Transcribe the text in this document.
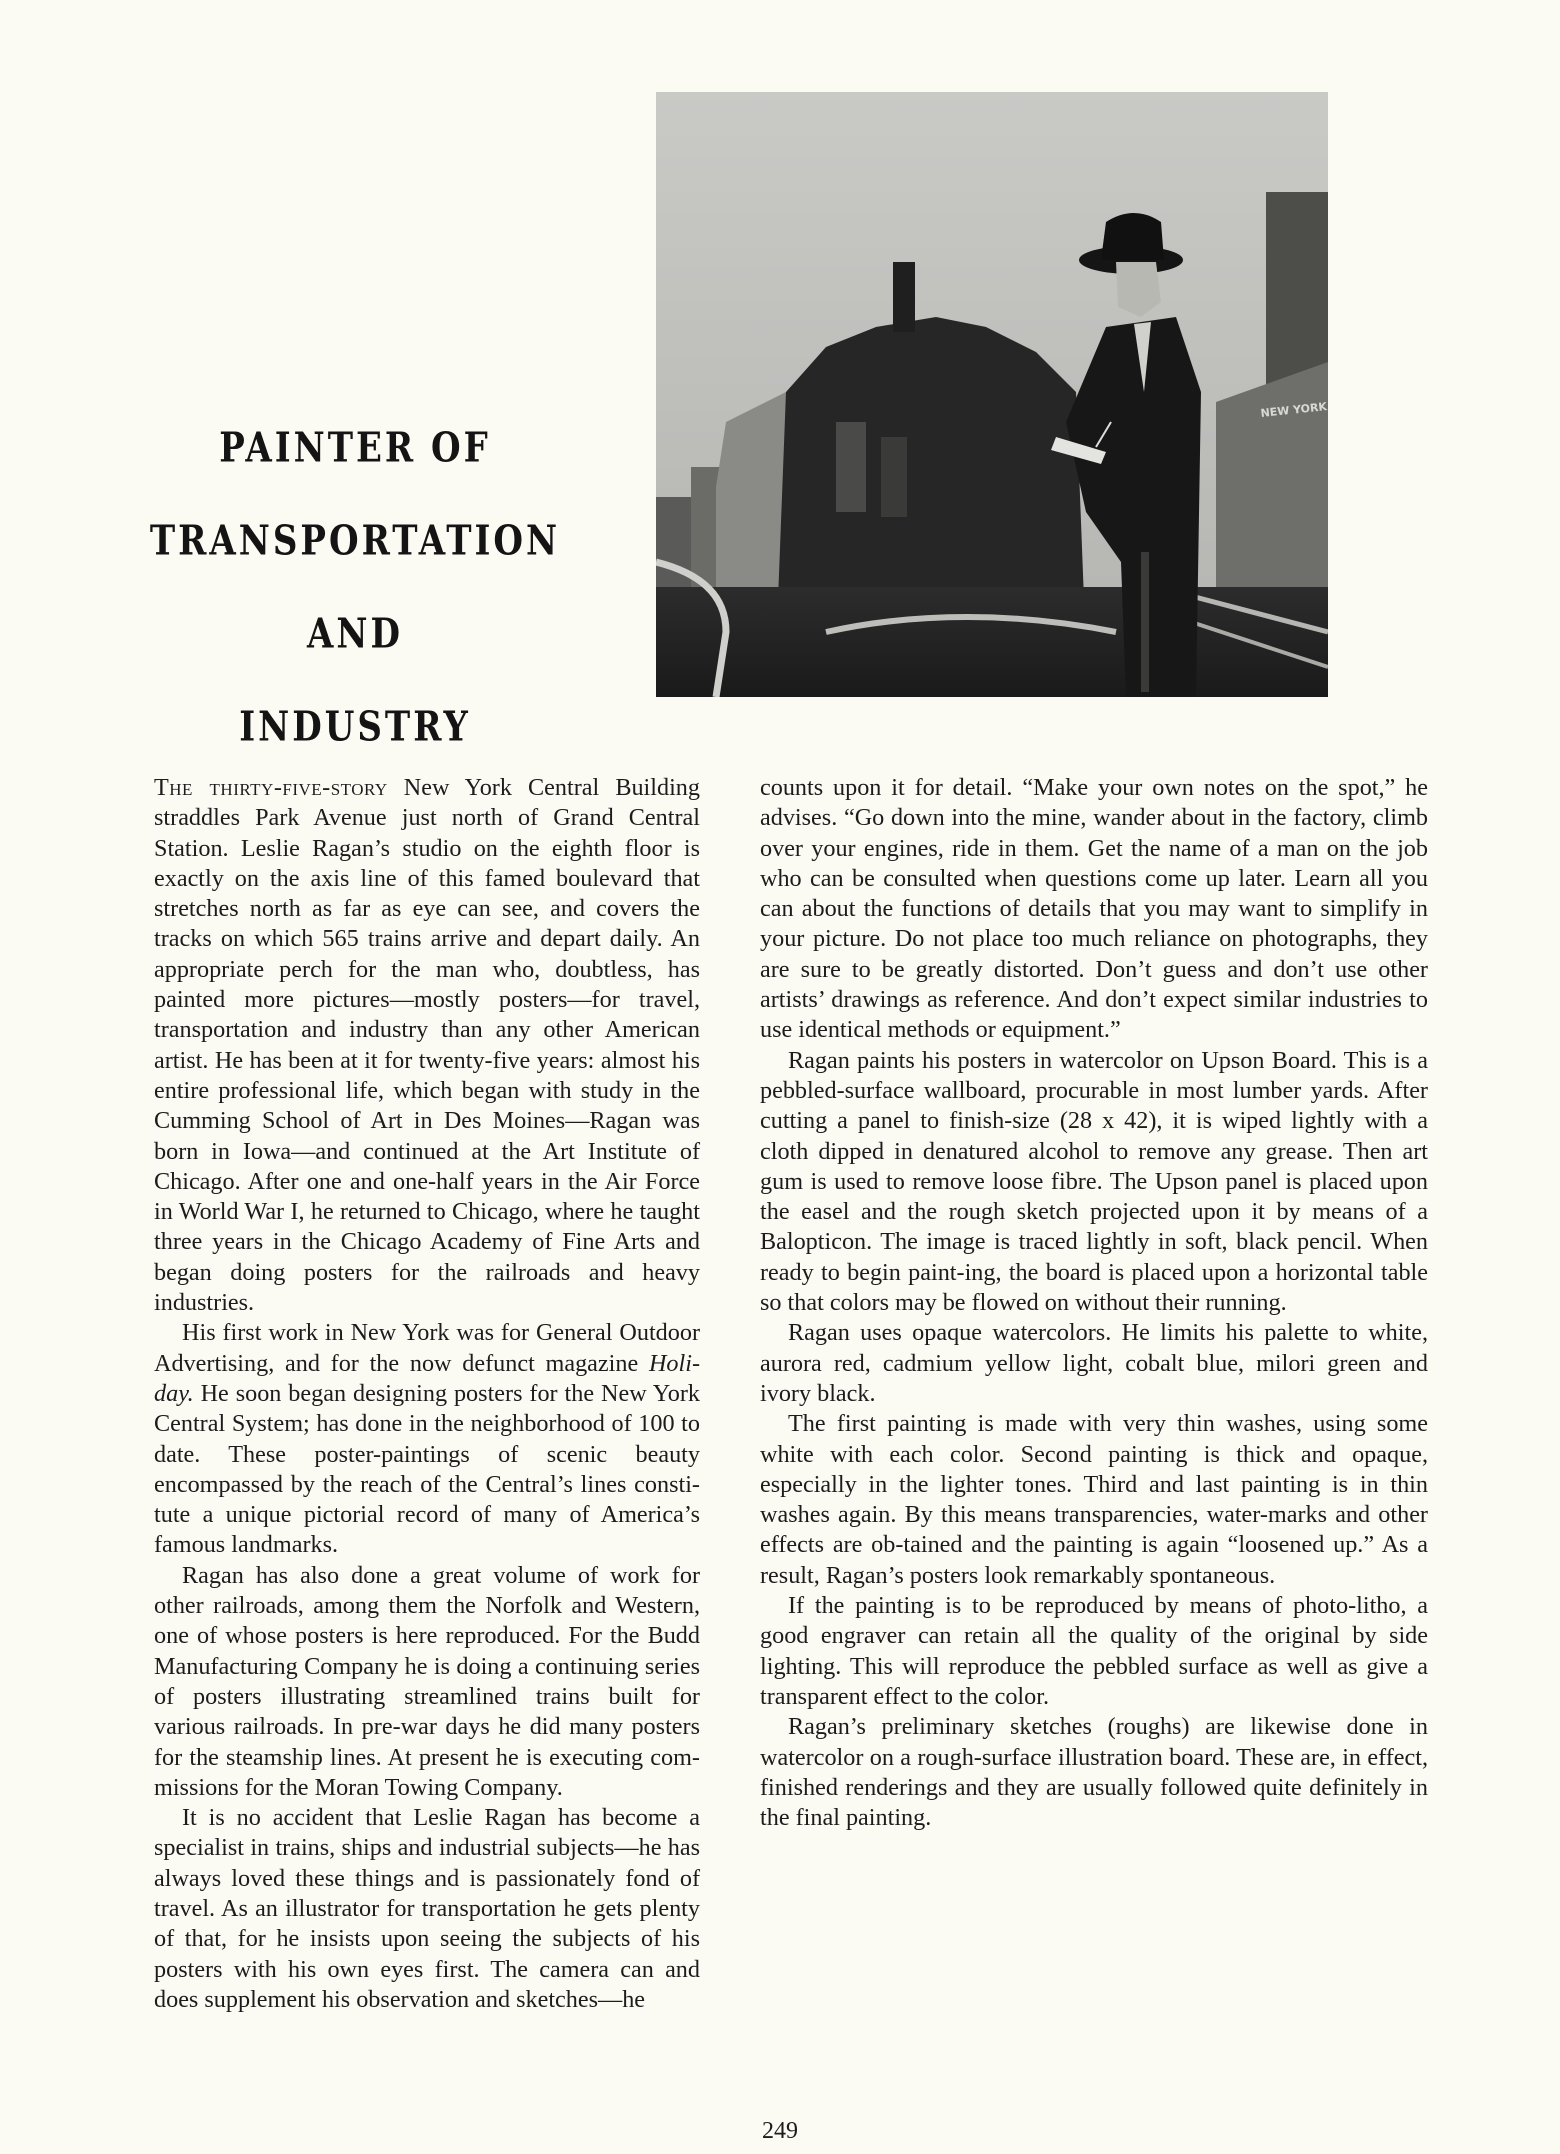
PAINTER OF
TRANSPORTATION
AND
INDUSTRY
NEW YORK

The thirty-five-story New York Central Building straddles Park Avenue just north of Grand Central Station. Leslie Ragan’s studio on the eighth floor is exactly on the axis line of this famed boulevard that stretches north as far as eye can see, and covers the tracks on which 565 trains arrive and depart daily. An appropriate perch for the man who, doubtless, has painted more pictures—mostly posters—for travel, transportation and industry than any other American artist. He has been at it for twenty-five years: almost his entire professional life, which began with study in the Cumming School of Art in Des Moines—Ragan was born in Iowa—and continued at the Art Institute of Chicago. After one and one-half years in the Air Force in World War I, he returned to Chicago, where he taught three years in the Chicago Academy of Fine Arts and began doing posters for the railroads and heavy industries.

His first work in New York was for General Outdoor Advertising, and for the now defunct magazine Holi-day. He soon began designing posters for the New York Central System; has done in the neighborhood of 100 to date. These poster-paintings of scenic beauty encompassed by the reach of the Central’s lines consti-tute a unique pictorial record of many of America’s famous landmarks.

Ragan has also done a great volume of work for other railroads, among them the Norfolk and Western, one of whose posters is here reproduced. For the Budd Manufacturing Company he is doing a continuing series of posters illustrating streamlined trains built for various railroads. In pre-war days he did many posters for the steamship lines. At present he is executing com-missions for the Moran Towing Company.

It is no accident that Leslie Ragan has become a specialist in trains, ships and industrial subjects—he has always loved these things and is passionately fond of travel. As an illustrator for transportation he gets plenty of that, for he insists upon seeing the subjects of his posters with his own eyes first. The camera can and does supplement his observation and sketches—he

counts upon it for detail. “Make your own notes on the spot,” he advises. “Go down into the mine, wander about in the factory, climb over your engines, ride in them. Get the name of a man on the job who can be consulted when questions come up later. Learn all you can about the functions of details that you may want to simplify in your picture. Do not place too much reliance on photographs, they are sure to be greatly distorted. Don’t guess and don’t use other artists’ drawings as reference. And don’t expect similar industries to use identical methods or equipment.”

Ragan paints his posters in watercolor on Upson Board. This is a pebbled-surface wallboard, procurable in most lumber yards. After cutting a panel to finish-size (28 x 42), it is wiped lightly with a cloth dipped in denatured alcohol to remove any grease. Then art gum is used to remove loose fibre. The Upson panel is placed upon the easel and the rough sketch projected upon it by means of a Balopticon. The image is traced lightly in soft, black pencil. When ready to begin paint-ing, the board is placed upon a horizontal table so that colors may be flowed on without their running.

Ragan uses opaque watercolors. He limits his palette to white, aurora red, cadmium yellow light, cobalt blue, milori green and ivory black.

The first painting is made with very thin washes, using some white with each color. Second painting is thick and opaque, especially in the lighter tones. Third and last painting is in thin washes again. By this means transparencies, water-marks and other effects are ob-tained and the painting is again “loosened up.” As a result, Ragan’s posters look remarkably spontaneous.

If the painting is to be reproduced by means of photo-litho, a good engraver can retain all the quality of the original by side lighting. This will reproduce the pebbled surface as well as give a transparent effect to the color.

Ragan’s preliminary sketches (roughs) are likewise done in watercolor on a rough-surface illustration board. These are, in effect, finished renderings and they are usually followed quite definitely in the final painting.

249
